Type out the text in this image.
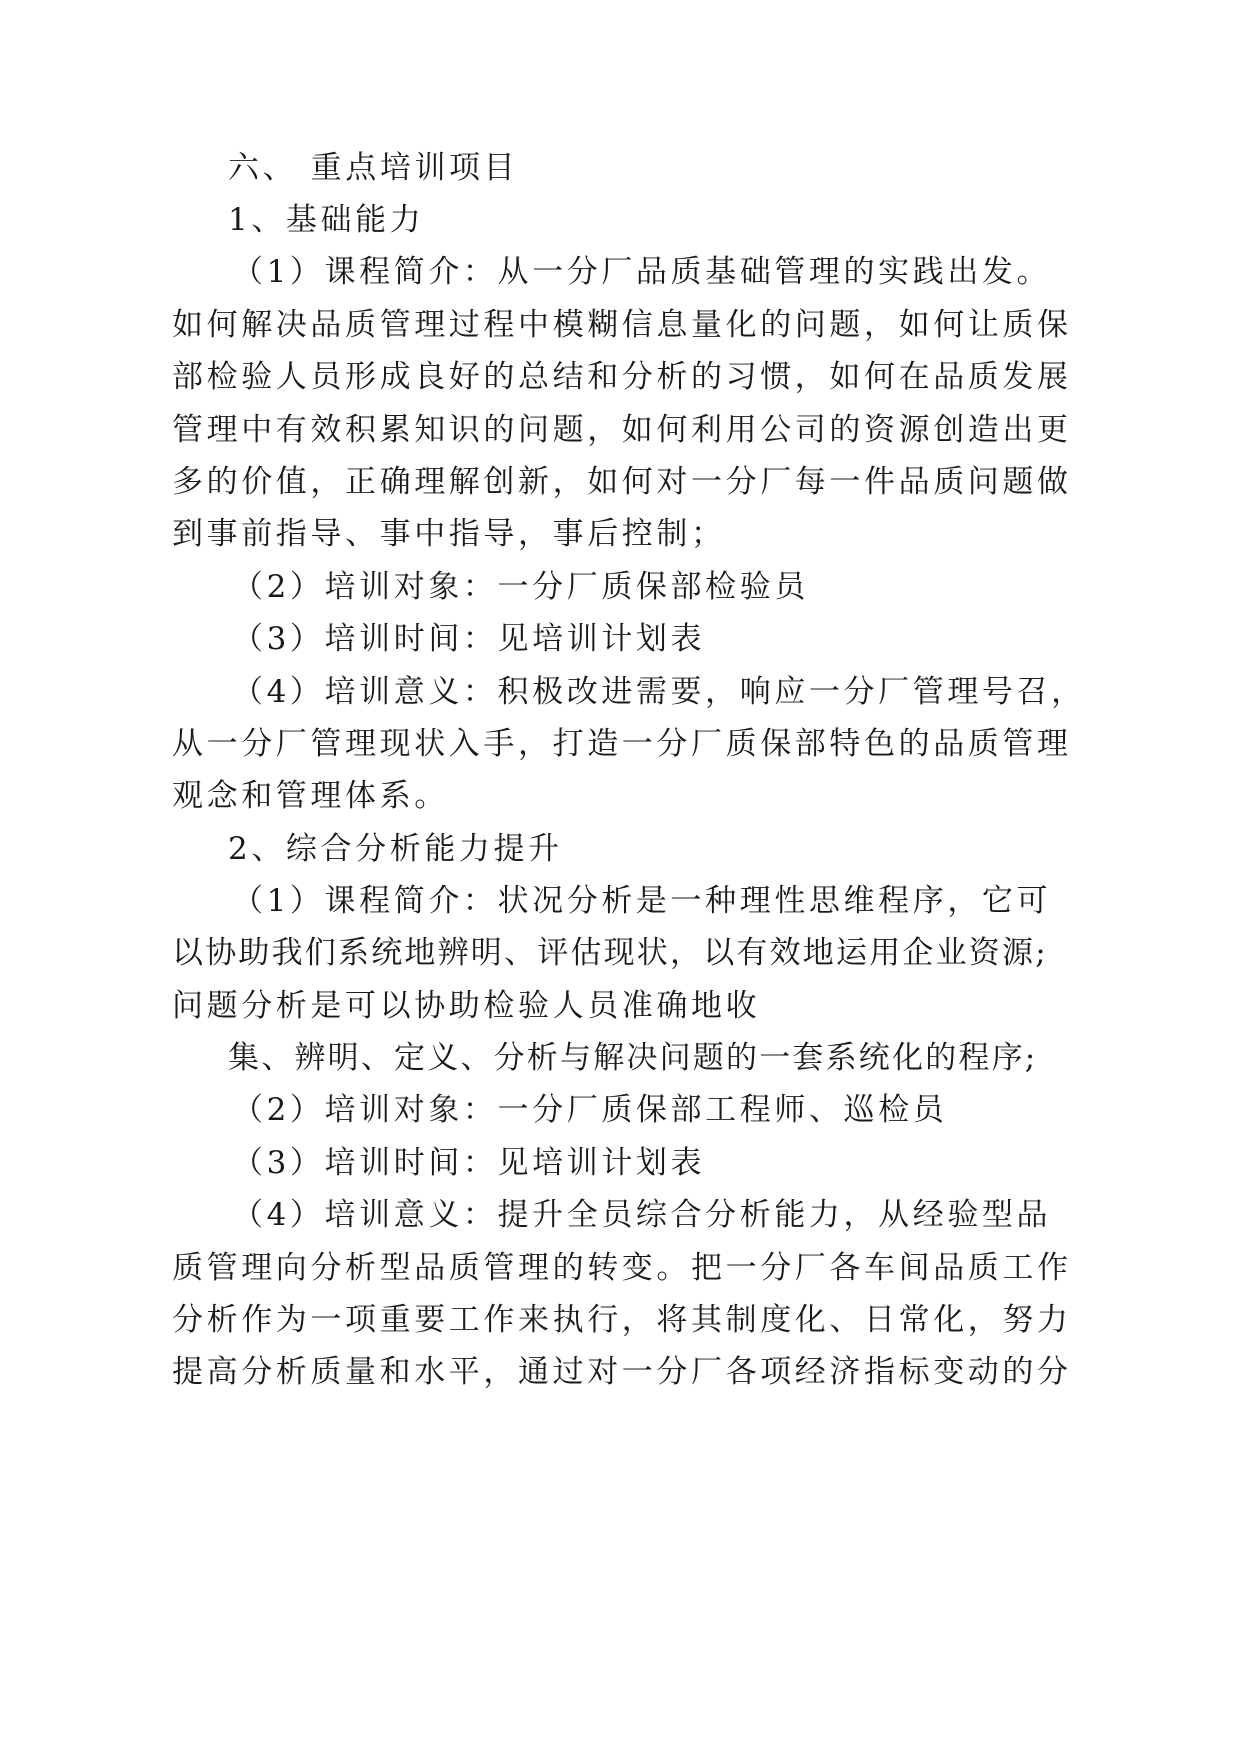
六、 重点培训项目
1、基础能力
（1）课程简介：从一分厂品质基础管理的实践出发。
如何解决品质管理过程中模糊信息量化的问题，如何让质保
部检验人员形成良好的总结和分析的习惯，如何在品质发展
管理中有效积累知识的问题，如何利用公司的资源创造出更
多的价值，正确理解创新，如何对一分厂每一件品质问题做
到事前指导、事中指导，事后控制；
（2）培训对象：一分厂质保部检验员
（3）培训时间：见培训计划表
（4）培训意义：积极改进需要，响应一分厂管理号召，
从一分厂管理现状入手，打造一分厂质保部特色的品质管理
观念和管理体系。
2、综合分析能力提升
（1）课程简介：状况分析是一种理性思维程序，它可
以协助我们系统地辨明、评估现状，以有效地运用企业资源;
问题分析是可以协助检验人员准确地收
集、辨明、定义、分析与解决问题的一套系统化的程序;
（2）培训对象：一分厂质保部工程师、巡检员
（3）培训时间：见培训计划表
（4）培训意义：提升全员综合分析能力，从经验型品
质管理向分析型品质管理的转变。把一分厂各车间品质工作
分析作为一项重要工作来执行，将其制度化、日常化，努力
提高分析质量和水平，通过对一分厂各项经济指标变动的分
